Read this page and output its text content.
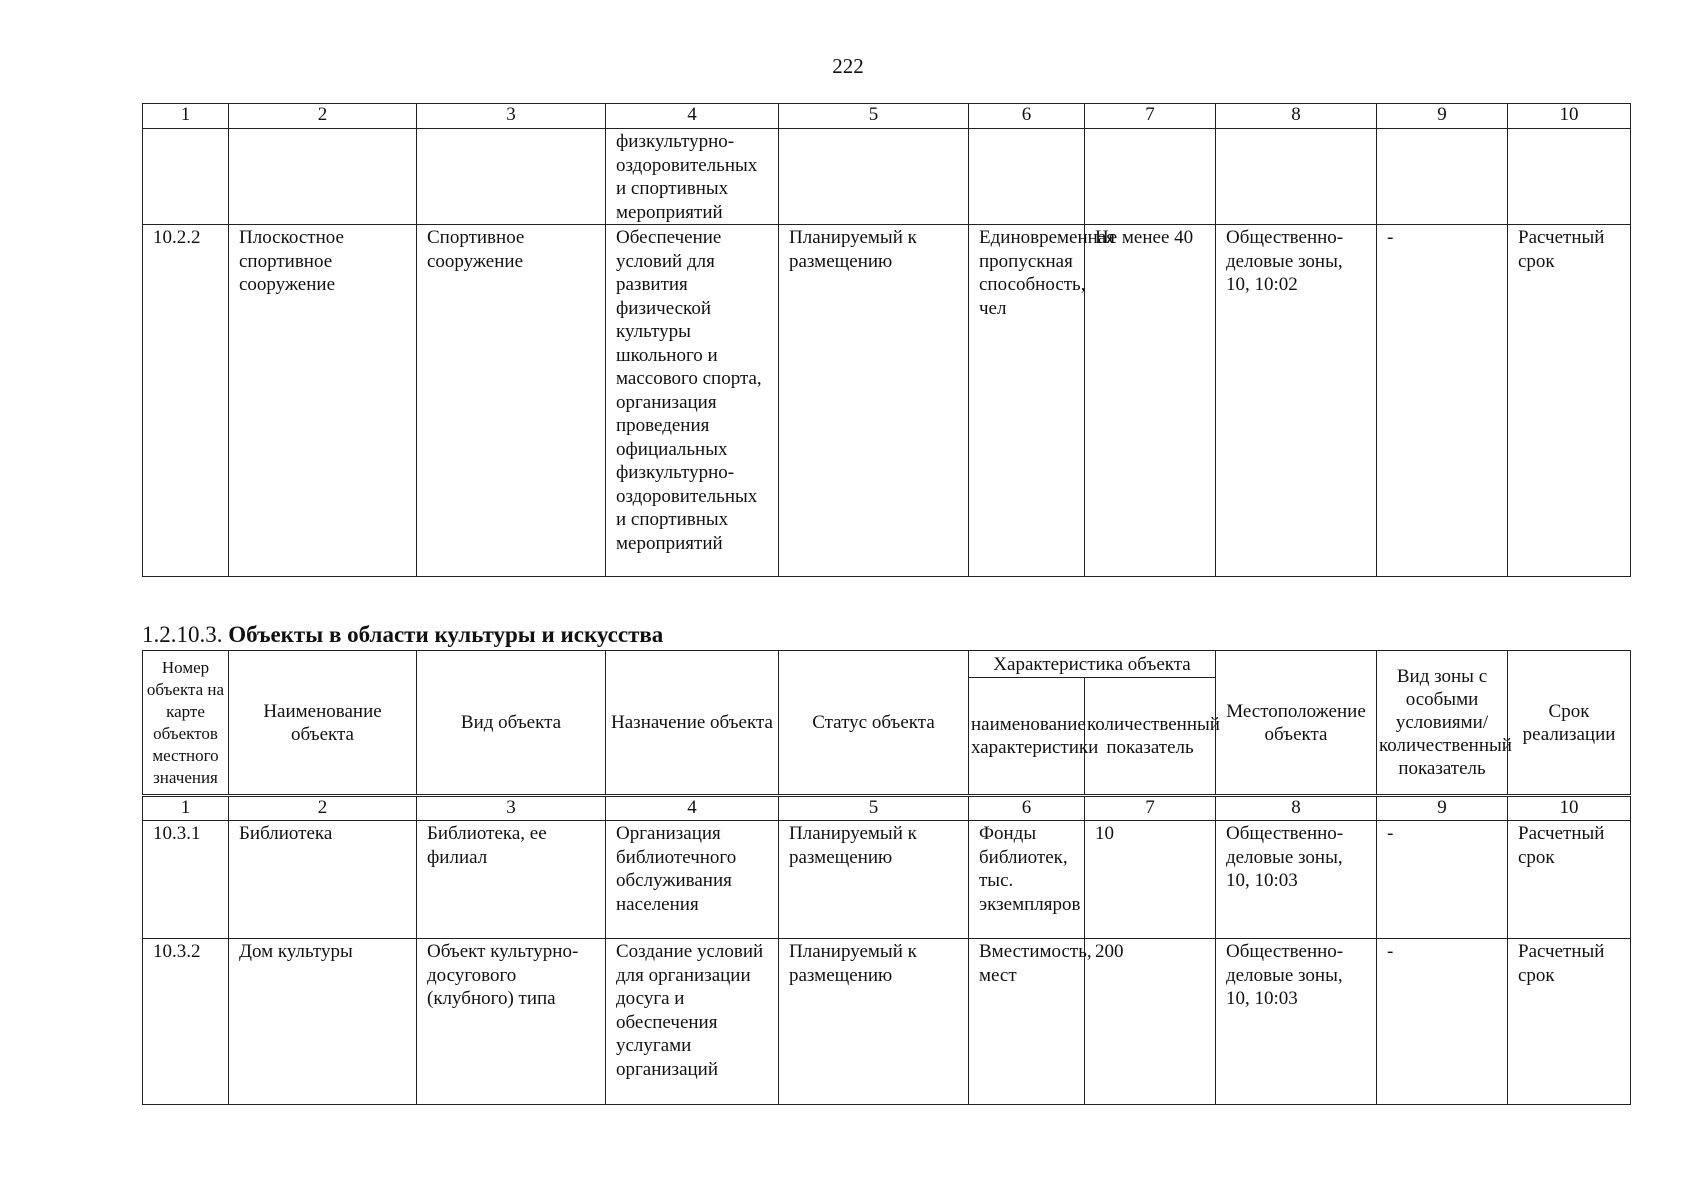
222
1	2	3	4	5	6	7	8	9	10
			физкультурно-оздоровительных и спортивных мероприятий						
10.2.2	Плоскостное спортивное сооружение	Спортивное сооружение	Обеспечение условий для развития физической культуры школьного и массового спорта, организация проведения официальных физкультурно-оздоровительных и спортивных мероприятий	Планируемый к размещению	Единовременная пропускная способность, чел	Не менее 40	Общественно-деловые зоны, 10, 10:02	-	Расчетный срок
1.2.10.3. Объекты в области культуры и искусства
Номер объекта на карте объектов местного значения	Наименование объекта	Вид объекта	Назначение объекта	Статус объекта	Характеристика объекта		Местоположение объекта	Вид зоны с особыми условиями/ количественный показатель	Срок реализации
					наименование характеристики	количественный показатель			
1	2	3	4	5	6	7	8	9	10
10.3.1	Библиотека	Библиотека, ее филиал	Организация библиотечного обслуживания населения	Планируемый к размещению	Фонды библиотек, тыс. экземпляров	10	Общественно-деловые зоны, 10, 10:03	-	Расчетный срок
10.3.2	Дом культуры	Объект культурно-досугового (клубного) типа	Создание условий для организации досуга и обеспечения услугами организаций	Планируемый к размещению	Вместимость, мест	200	Общественно-деловые зоны, 10, 10:03	-	Расчетный срок
